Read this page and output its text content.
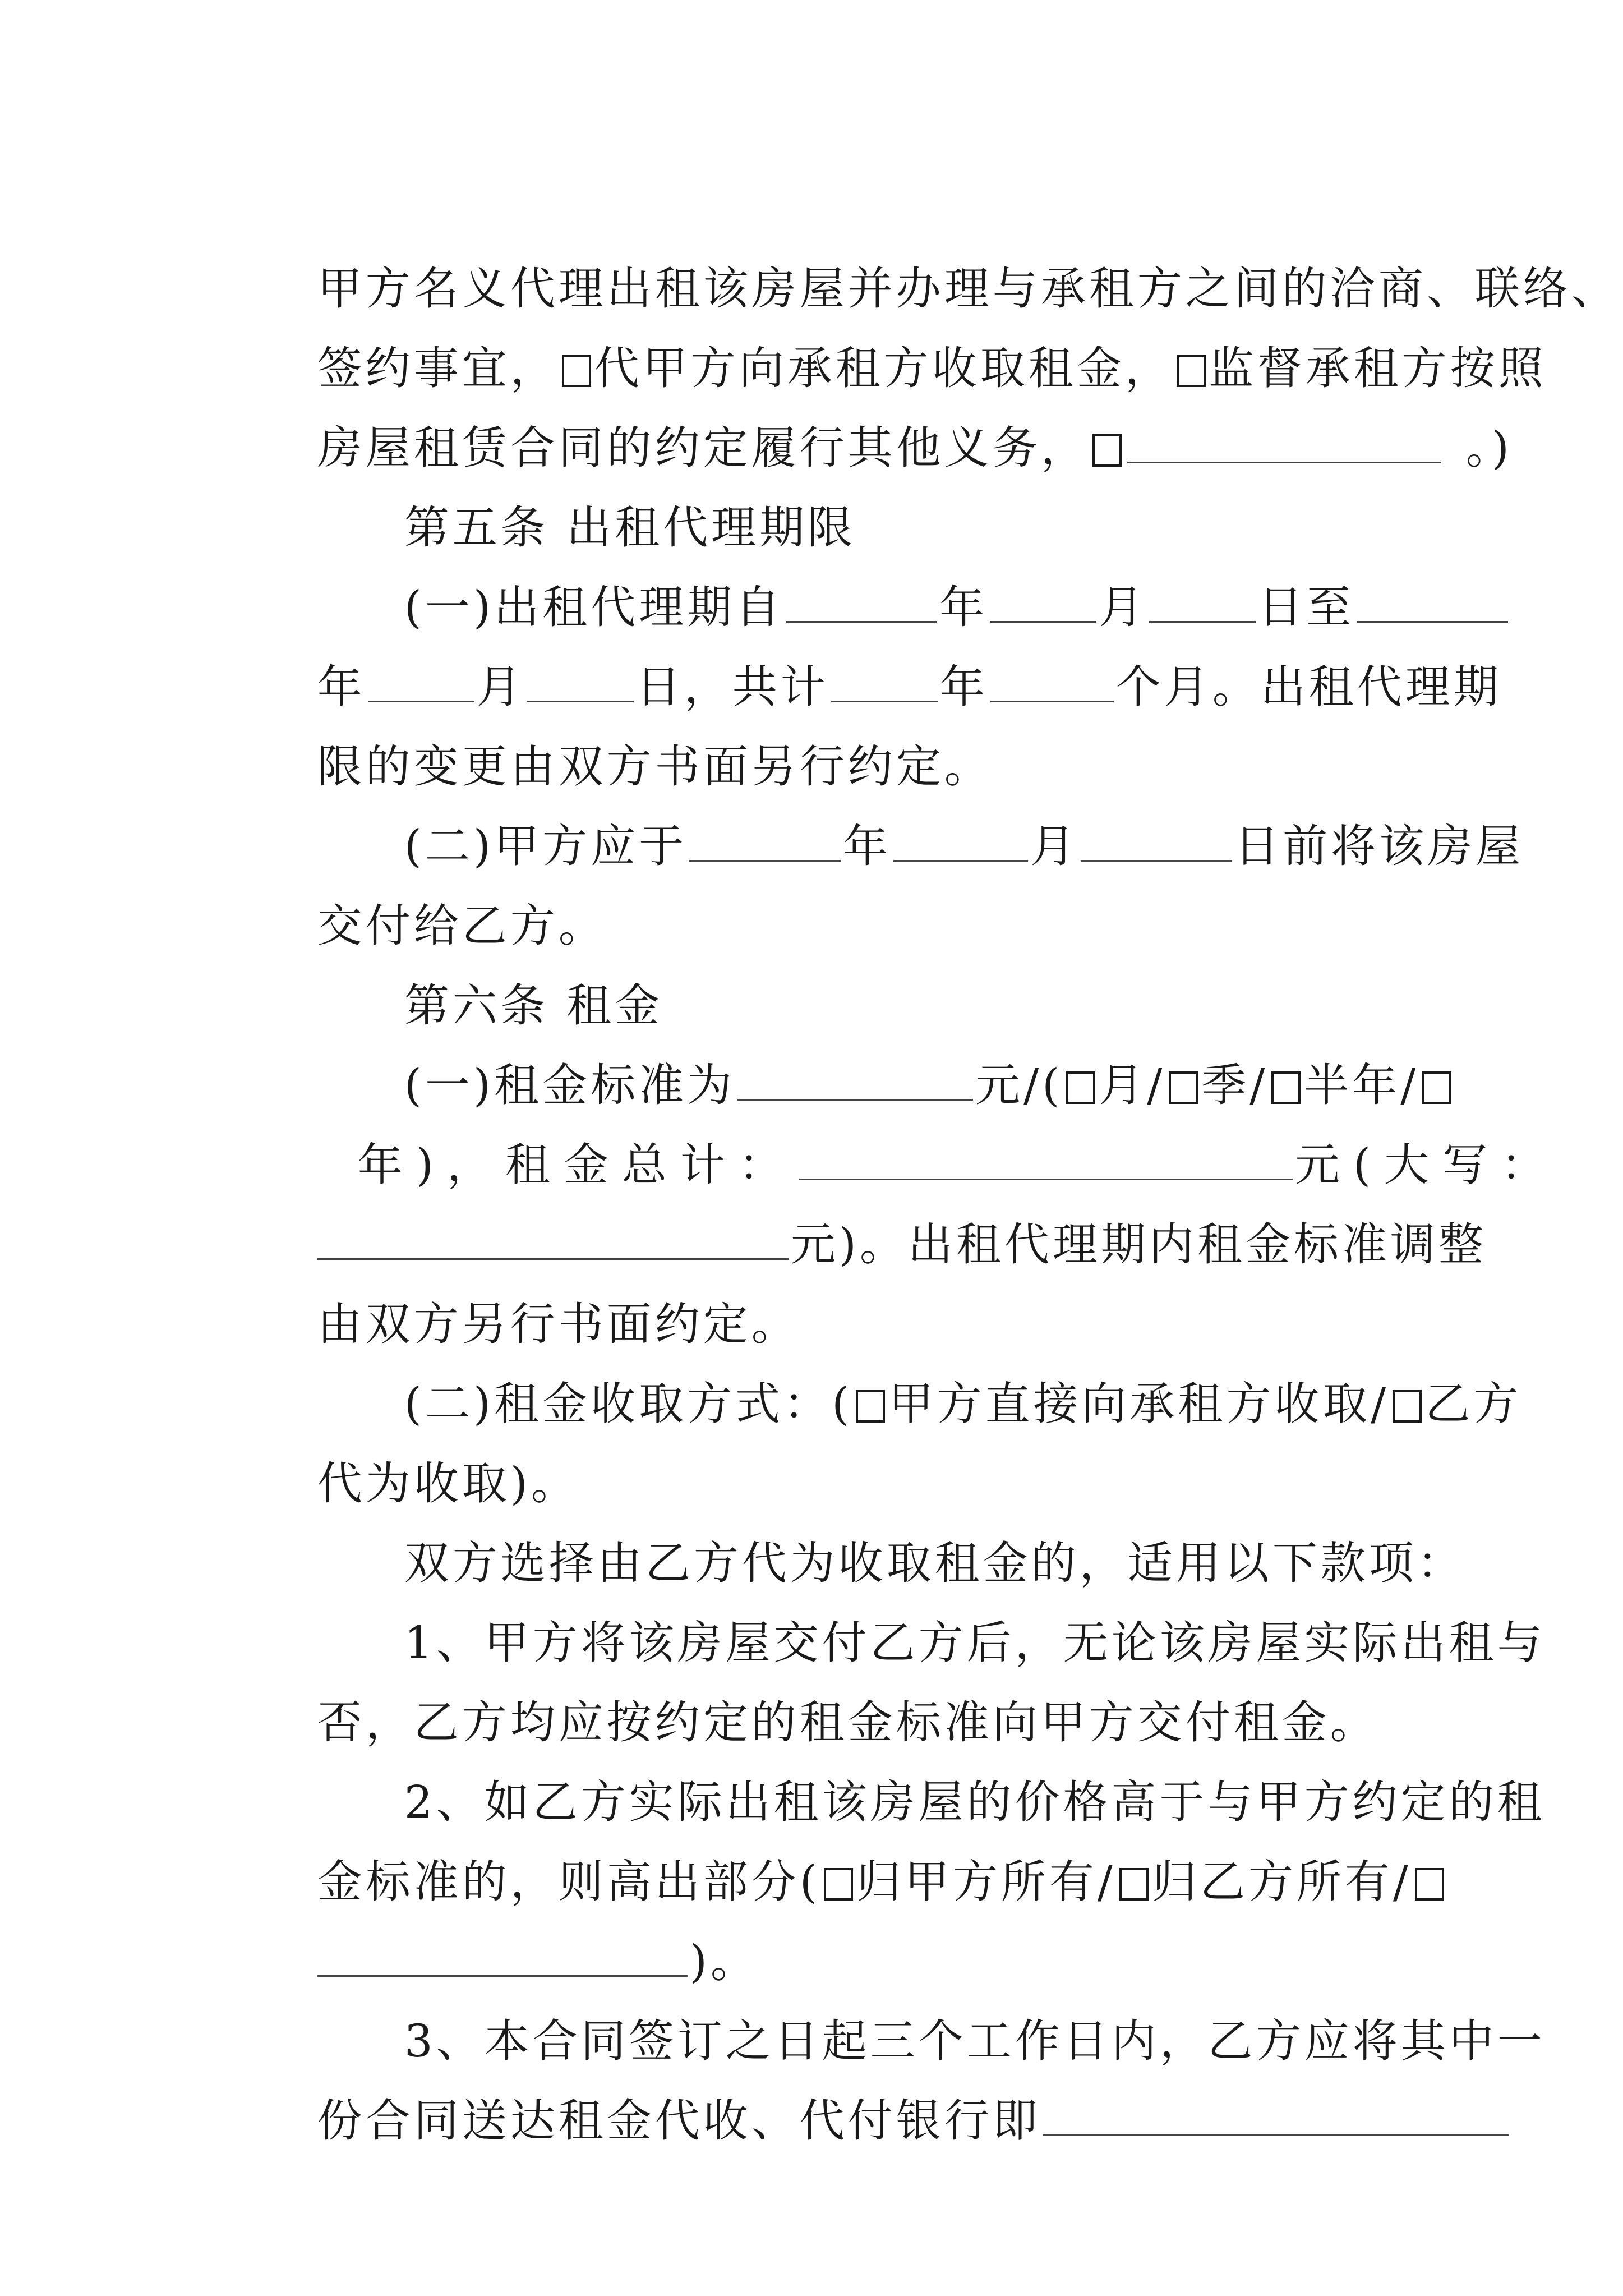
甲方名义代理出租该房屋并办理与承租方之间的洽商、联络、

签约事宜， 代甲方向承租方收取租金， 监督承租方按照

房屋租赁合同的约定履行其他义务，	。)

第五条 出租代理期限

(一)出租代理期自	年 月 日至

年 月 日，共计 年	个月。出租代理期

限的变更由双方书面另行约定。

(二)甲方应于	年	月	日前将该房屋

交付给乙方。

第六条 租金

(一)租金标准为	元/( 月/ 季/ 半年/

年)，租金总计：	元(大写：

元)。出租代理期内租金标准调整

由双方另行书面约定。

(二)租金收取方式：( 甲方直接向承租方收取/ 乙方

代为收取)。

双方选择由乙方代为收取租金的，适用以下款项：

1、甲方将该房屋交付乙方后，无论该房屋实际出租与

否，乙方均应按约定的租金标准向甲方交付租金。

2、如乙方实际出租该房屋的价格高于与甲方约定的租

金标准的，则高出部分( 归甲方所有/ 归乙方所有/

)。

3、本合同签订之日起三个工作日内，乙方应将其中一

份合同送达租金代收、代付银行即
